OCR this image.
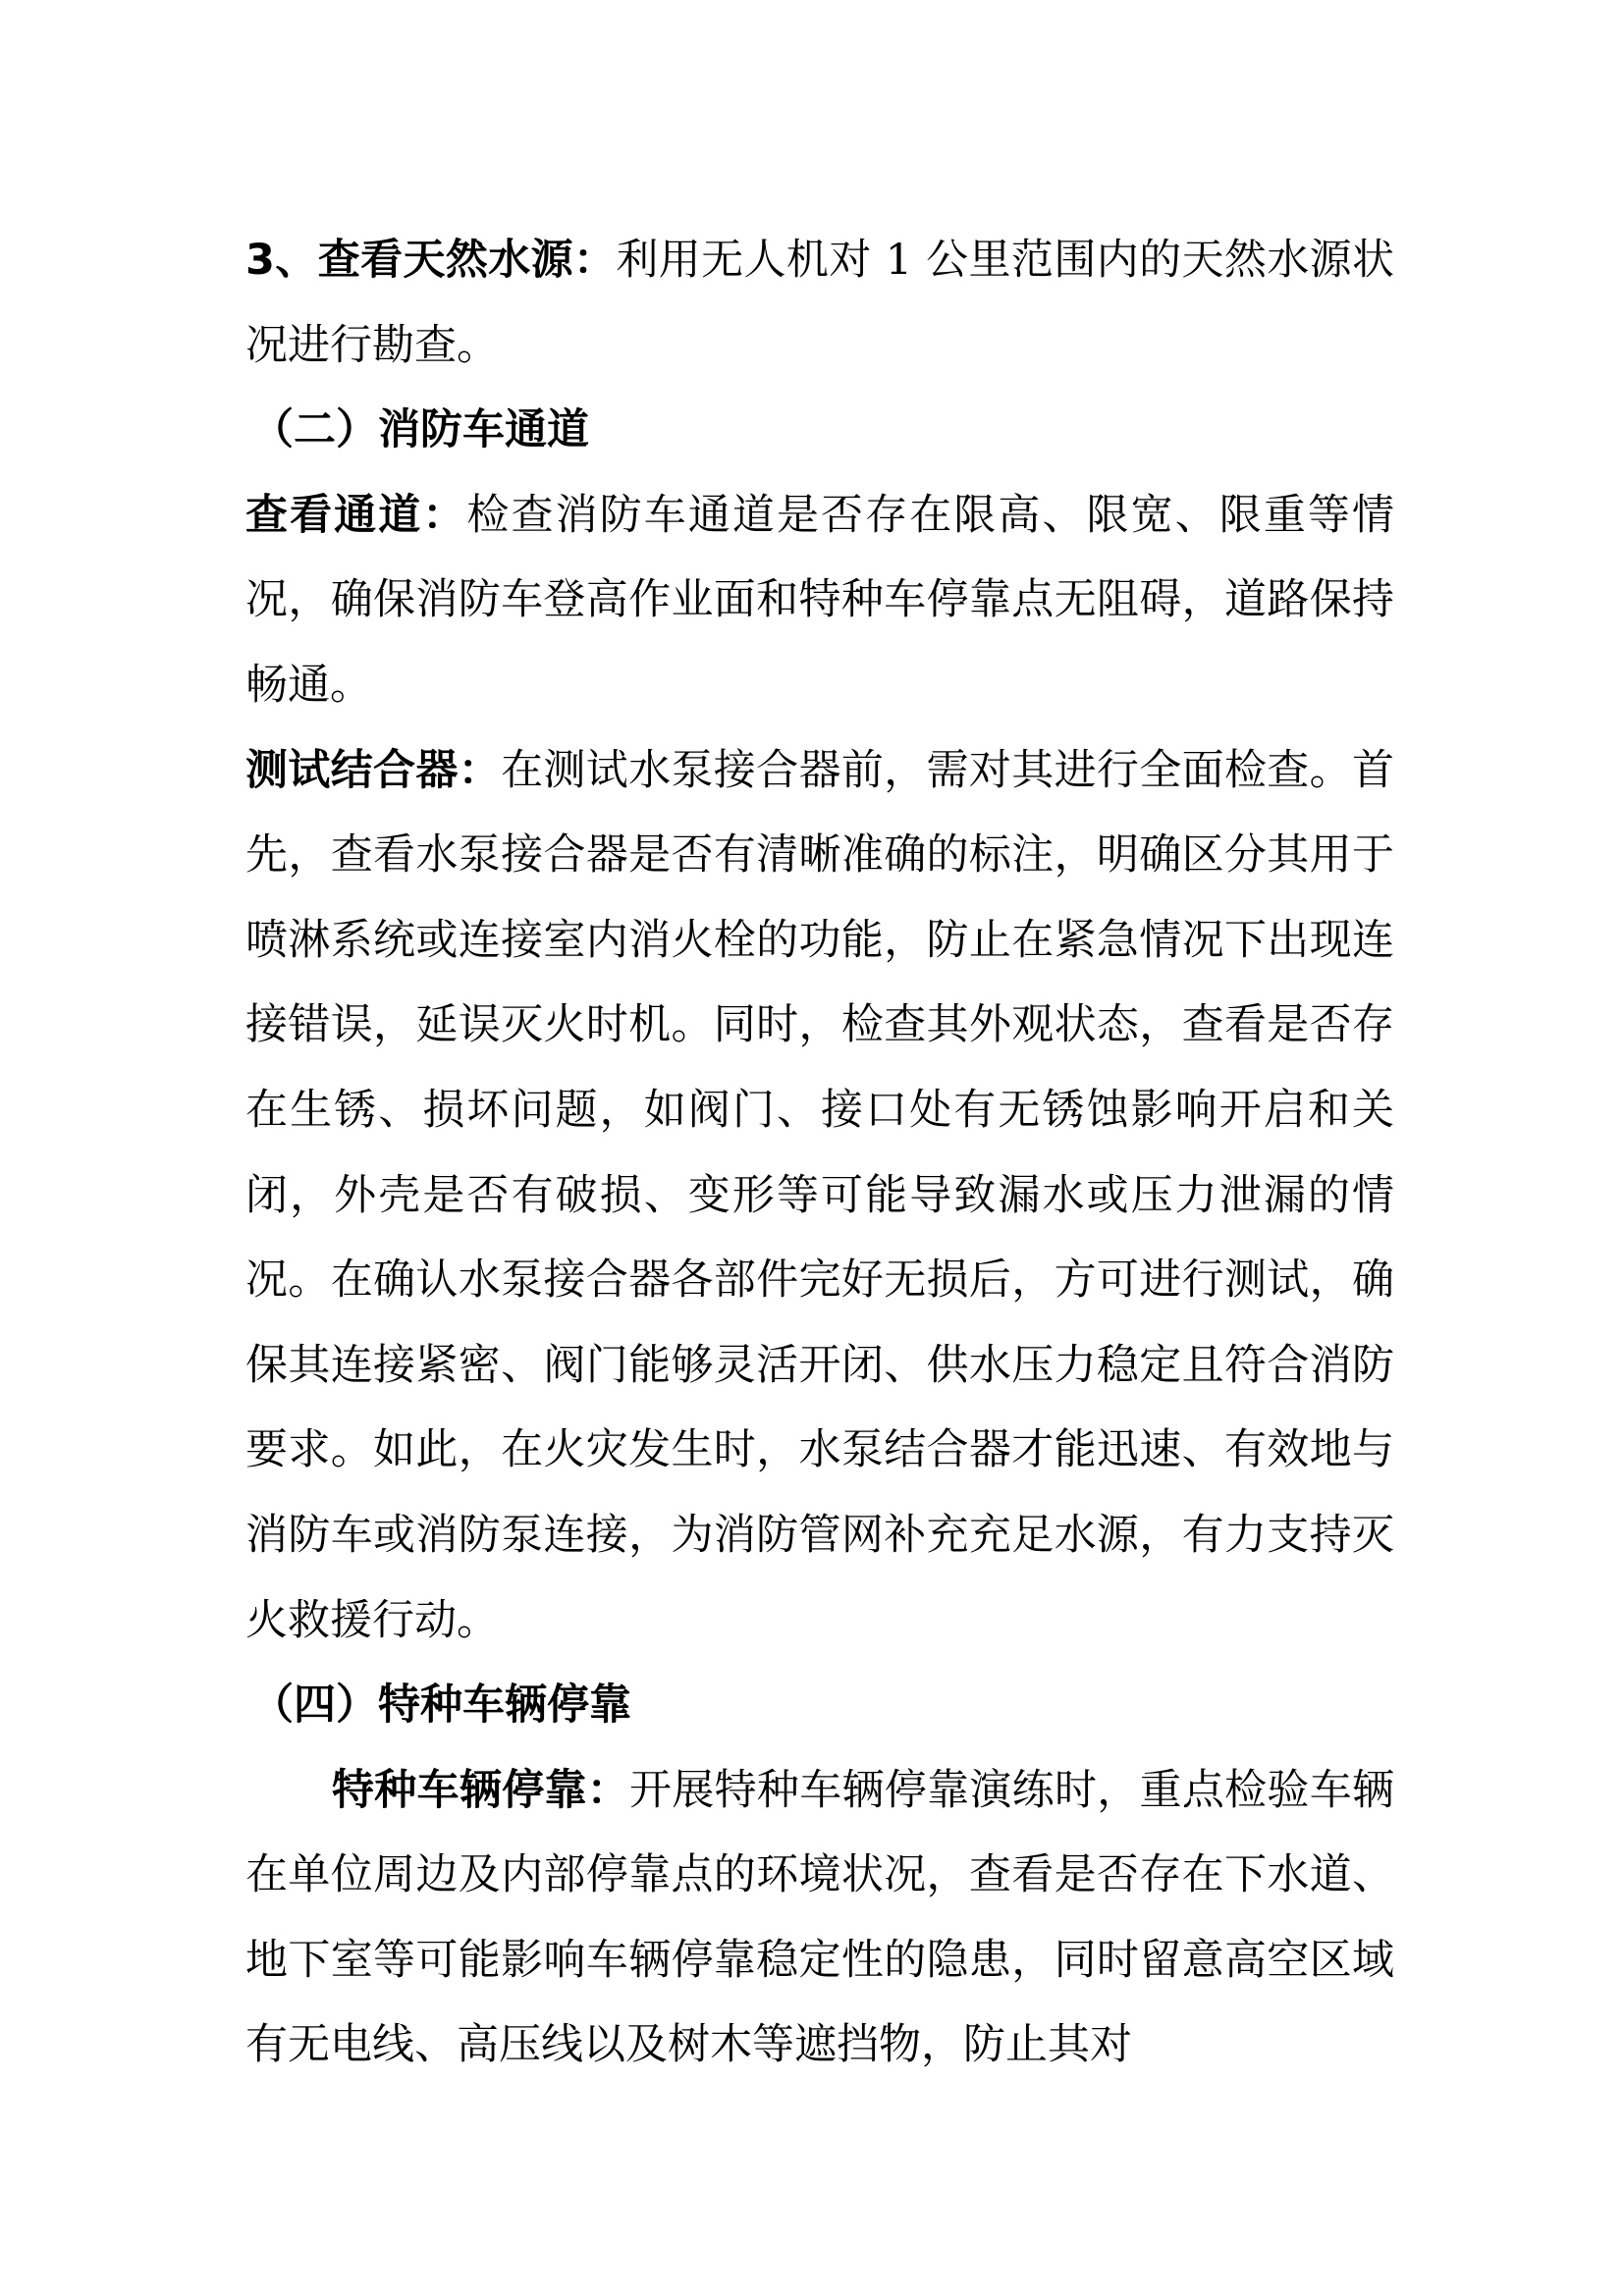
3、查看天然水源：利用无人机对 1 公里范围内的天然水源状况进行勘查。

（二）消防车通道

查看通道：检查消防车通道是否存在限高、限宽、限重等情况，确保消防车登高作业面和特种车停靠点无阻碍，道路保持畅通。

测试结合器：在测试水泵接合器前，需对其进行全面检查。首先，查看水泵接合器是否有清晰准确的标注，明确区分其用于喷淋系统或连接室内消火栓的功能，防止在紧急情况下出现连接错误，延误灭火时机。同时，检查其外观状态，查看是否存在生锈、损坏问题，如阀门、接口处有无锈蚀影响开启和关闭，外壳是否有破损、变形等可能导致漏水或压力泄漏的情况。在确认水泵接合器各部件完好无损后，方可进行测试，确保其连接紧密、阀门能够灵活开闭、供水压力稳定且符合消防要求。如此，在火灾发生时，水泵结合器才能迅速、有效地与消防车或消防泵连接，为消防管网补充充足水源，有力支持灭火救援行动。

（四）特种车辆停靠

特种车辆停靠：开展特种车辆停靠演练时，重点检验车辆在单位周边及内部停靠点的环境状况，查看是否存在下水道、地下室等可能影响车辆停靠稳定性的隐患，同时留意高空区域有无电线、高压线以及树木等遮挡物，防止其对
